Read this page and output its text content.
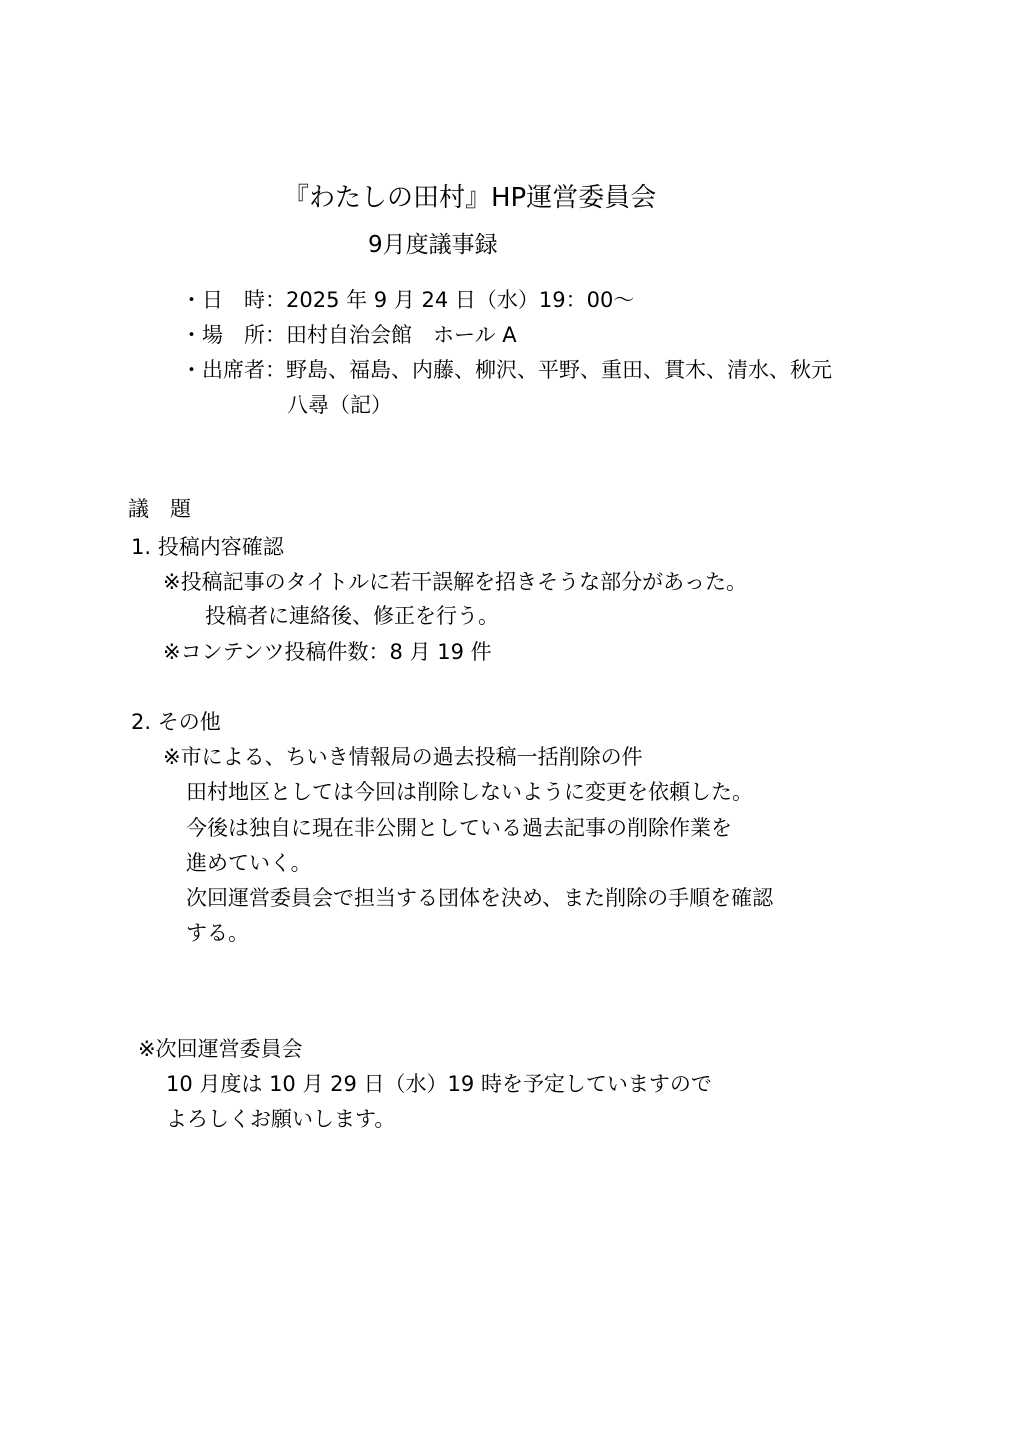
『わたしの田村』HP運営委員会
9月度議事録
・日　時：2025 年 9 月 24 日（水）19：00～
・場　所：田村自治会館　ホール A
・出席者：野島、福島、内藤、柳沢、平野、重田、貫木、清水、秋元
八尋（記）
議　題
1. 投稿内容確認
※投稿記事のタイトルに若干誤解を招きそうな部分があった。
投稿者に連絡後、修正を行う。
※コンテンツ投稿件数：8 月 19 件
2. その他
※市による、ちいき情報局の過去投稿一括削除の件
田村地区としては今回は削除しないように変更を依頼した。
今後は独自に現在非公開としている過去記事の削除作業を
進めていく。
次回運営委員会で担当する団体を決め、また削除の手順を確認
する。
※次回運営委員会
10 月度は 10 月 29 日（水）19 時を予定していますので
よろしくお願いします。
